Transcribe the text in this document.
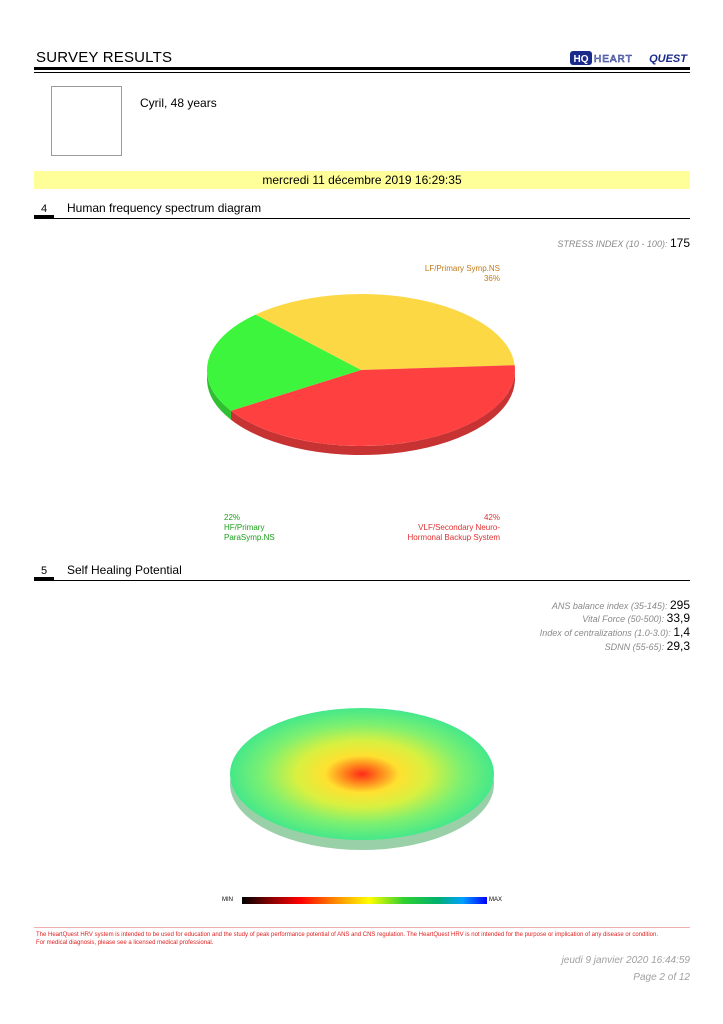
SURVEY RESULTS	HQ HEART QUEST
Cyril, 48 years
mercredi 11 décembre 2019 16:29:35
4 Human frequency spectrum diagram
STRESS INDEX (10 - 100): 175
LF/Primary Symp.NS
36%
22%
HF/Primary
ParaSymp.NS
42%
VLF/Secondary Neuro-
Hormonal Backup System
5 Self Healing Potential
ANS balance index (35-145): 295
Vital Force (50-500): 33,9
Index of centralizations (1.0-3.0): 1,4
SDNN (55-65): 29,3
MIN	MAX
The HeartQuest HRV system is intended to be used for education and the study of peak performance potential of ANS and CNS regulation. The HeartQuest HRV is not intended for the purpose or implication of any disease or condition.
For medical diagnosis, please see a licensed medical professional.
jeudi 9 janvier 2020 16:44:59
Page 2 of 12
